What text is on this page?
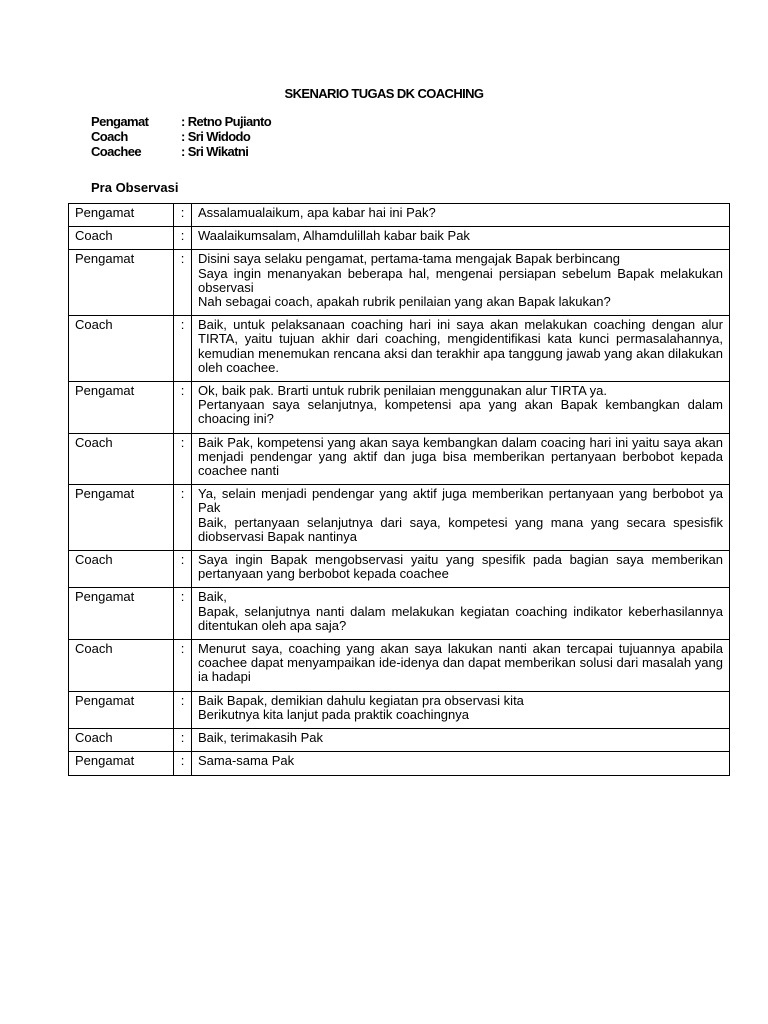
SKENARIO TUGAS DK COACHING
Pengamat	: Retno Pujianto
Coach	: Sri Widodo
Coachee	: Sri Wikatni
Pra Observasi
Pengamat	:	Assalamualaikum, apa kabar hai ini Pak?

Coach	:	Waalaikumsalam, Alhamdulillah kabar baik Pak

Pengamat	:	Disini saya selaku pengamat, pertama-tama mengajak Bapak berbincang
Saya ingin menanyakan beberapa hal, mengenai persiapan sebelum Bapak melakukan observasi
Nah sebagai coach, apakah rubrik penilaian yang akan Bapak lakukan?

Coach	:	Baik, untuk pelaksanaan coaching hari ini saya akan melakukan coaching dengan alur TIRTA, yaitu tujuan akhir dari coaching, mengidentifikasi kata kunci permasalahannya, kemudian menemukan rencana aksi dan terakhir apa tanggung jawab yang akan dilakukan oleh coachee.

Pengamat	:	Ok, baik pak. Brarti untuk rubrik penilaian menggunakan alur TIRTA ya.
Pertanyaan saya selanjutnya, kompetensi apa yang akan Bapak kembangkan dalam choacing ini?

Coach	:	Baik Pak, kompetensi yang akan saya kembangkan dalam coacing hari ini yaitu saya akan menjadi pendengar yang aktif dan juga bisa memberikan pertanyaan berbobot kepada coachee nanti

Pengamat	:	Ya, selain menjadi pendengar yang aktif juga memberikan pertanyaan yang berbobot ya Pak
Baik, pertanyaan selanjutnya dari saya, kompetesi yang mana yang secara spesisfik diobservasi Bapak nantinya

Coach	:	Saya ingin Bapak mengobservasi yaitu yang spesifik pada bagian saya memberikan pertanyaan yang berbobot kepada coachee

Pengamat	:	Baik,
Bapak, selanjutnya nanti dalam melakukan kegiatan coaching indikator keberhasilannya ditentukan oleh apa saja?

Coach	:	Menurut saya, coaching yang akan saya lakukan nanti akan tercapai tujuannya apabila coachee dapat menyampaikan ide-idenya dan dapat memberikan solusi dari masalah yang ia hadapi

Pengamat	:	Baik Bapak, demikian dahulu kegiatan pra observasi kita
Berikutnya kita lanjut pada praktik coachingnya

Coach	:	Baik, terimakasih Pak

Pengamat	:	Sama-sama Pak
